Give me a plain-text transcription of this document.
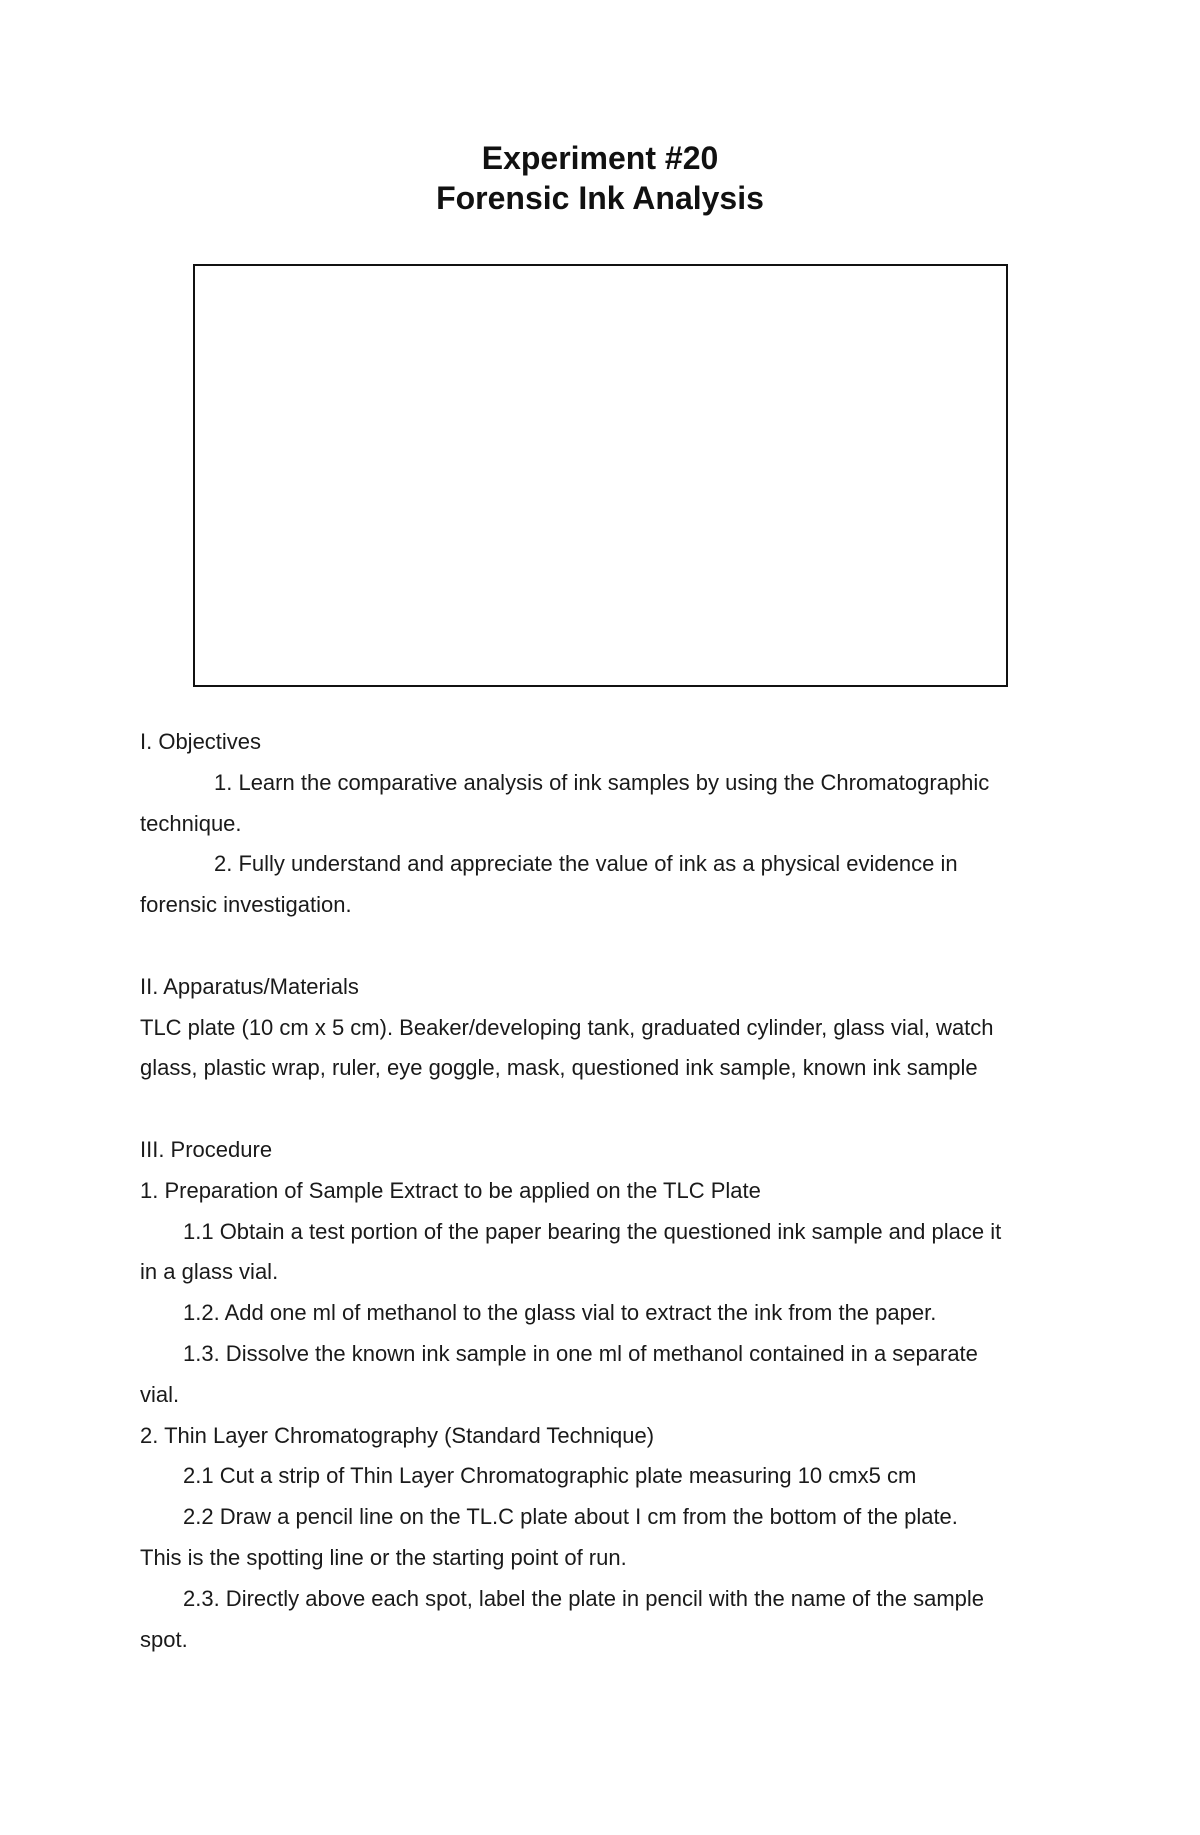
Experiment #20
Forensic Ink Analysis
I. Objectives
1. Learn the comparative analysis of ink samples by using the Chromatographic
technique.
2. Fully understand and appreciate the value of ink as a physical evidence in
forensic investigation.
II. Apparatus/Materials
TLC plate (10 cm x 5 cm). Beaker/developing tank, graduated cylinder, glass vial, watch
glass, plastic wrap, ruler, eye goggle, mask, questioned ink sample, known ink sample
III. Procedure
1. Preparation of Sample Extract to be applied on the TLC Plate
1.1 Obtain a test portion of the paper bearing the questioned ink sample and place it
in a glass vial.
1.2. Add one ml of methanol to the glass vial to extract the ink from the paper.
1.3. Dissolve the known ink sample in one ml of methanol contained in a separate
vial.
2. Thin Layer Chromatography (Standard Technique)
2.1 Cut a strip of Thin Layer Chromatographic plate measuring 10 cmx5 cm
2.2 Draw a pencil line on the TL.C plate about I cm from the bottom of the plate.
This is the spotting line or the starting point of run.
2.3. Directly above each spot, label the plate in pencil with the name of the sample
spot.
